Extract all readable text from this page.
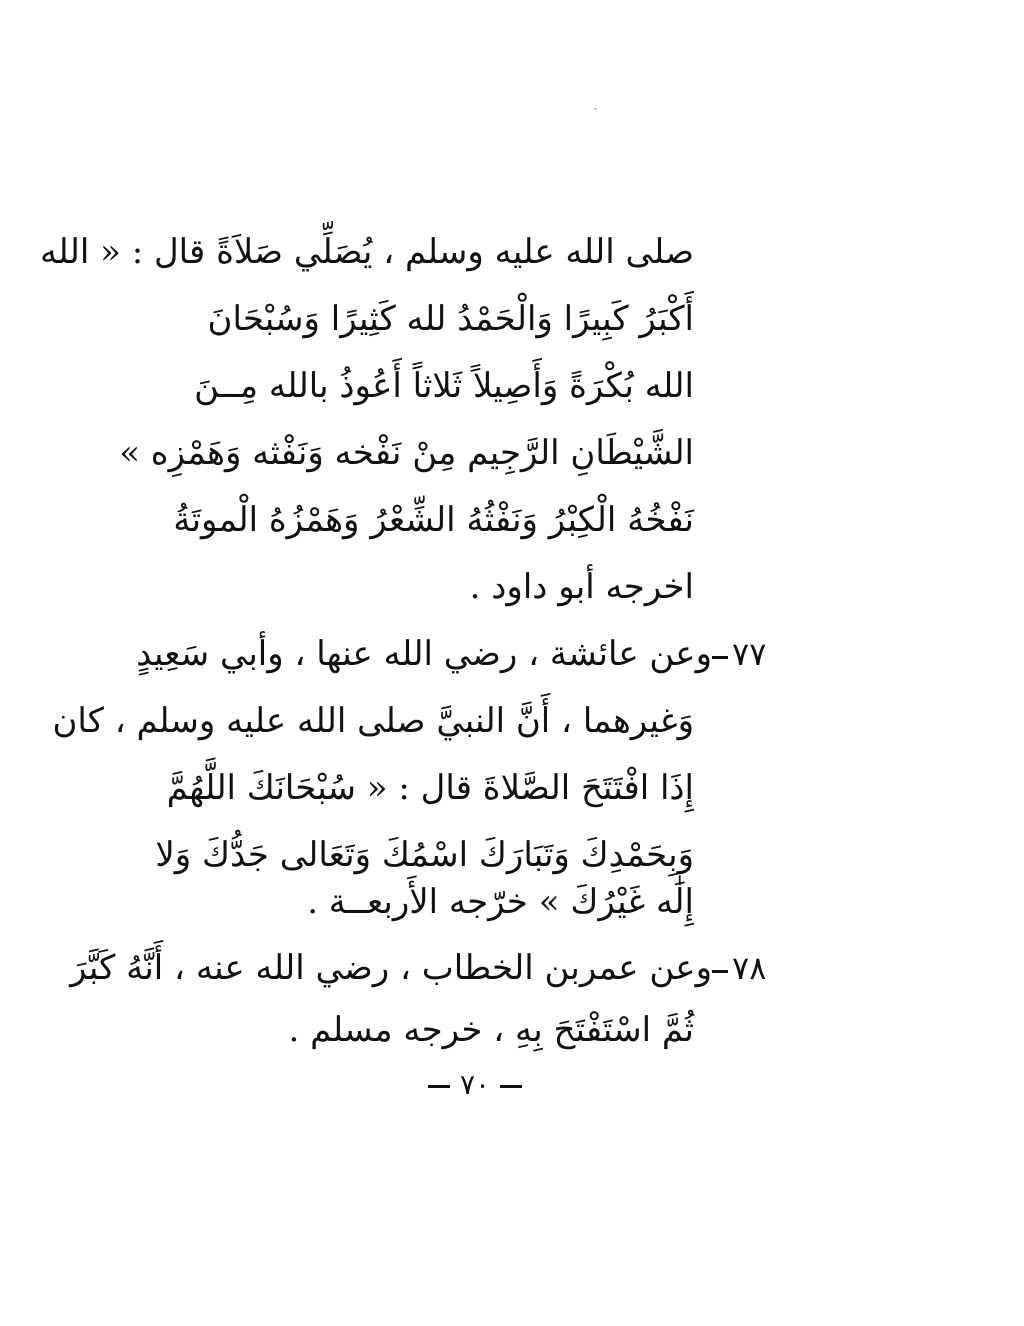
صلى الله عليه وسلم ، يُصَلِّي صَلاَةً قال : « الله
أَكْبَرُ كَبِيرًا وَالْحَمْدُ لله كَثِيرًا وَسُبْحَانَ
الله بُكْرَةً وَأَصِيلاً ثَلاثاً أَعُوذُ بالله مِــنَ
الشَّيْطَانِ الرَّجِيم مِنْ نَفْخه وَنَفْثه وَهَمْزِه »
نَفْخُهُ الْكِبْرُ وَنَفْثُهُ الشِّعْرُ وَهَمْزُهُ الْموتَةُ
اخرجه أبو داود .
٧٧
وعن عائشة ، رضي الله عنها ، وأبي سَعِيدٍ
وَغيرهما ، أَنَّ النبيَّ صلى الله عليه وسلم ، كان
إِذَا افْتَتَحَ الصَّلاةَ قال : « سُبْحَانَكَ اللَّهُمَّ
وَبِحَمْدِكَ وَتَبَارَكَ اسْمُكَ وَتَعَالى جَدُّكَ وَلا
إِلَٰه غَيْرُكَ » خرّجه الأَربعــة .
٧٨
وعن عمربن الخطاب ، رضي الله عنه ، أَنَّهُ كَبَّرَ
ثُمَّ اسْتَفْتَحَ بِهِ ، خرجه مسلم .
٧٠
